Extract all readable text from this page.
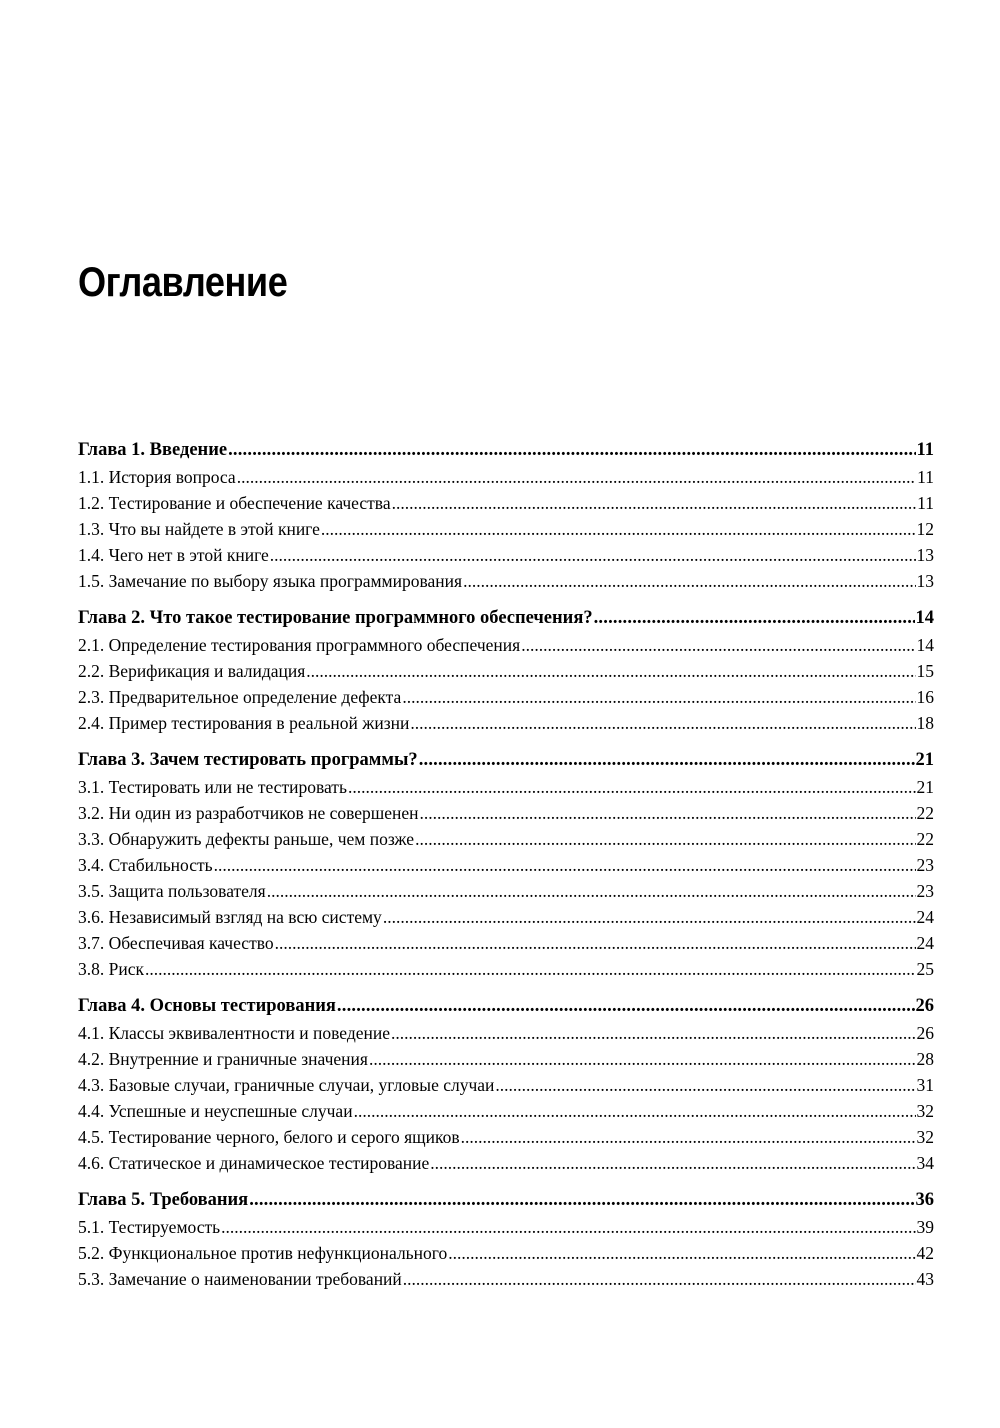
Оглавление
Глава 1. Введение .....	11
1.1. История вопроса .....	11
1.2. Тестирование и обеспечение качества .....	11
1.3. Что вы найдете в этой книге .....	12
1.4. Чего нет в этой книге .....	13
1.5. Замечание по выбору языка программирования .....	13
Глава 2. Что такое тестирование программного обеспечения? .....	14
2.1. Определение тестирования программного обеспечения .....	14
2.2. Верификация и валидация .....	15
2.3. Предварительное определение дефекта .....	16
2.4. Пример тестирования в реальной жизни .....	18
Глава 3. Зачем тестировать программы? .....	21
3.1. Тестировать или не тестировать .....	21
3.2. Ни один из разработчиков не совершенен .....	22
3.3. Обнаружить дефекты раньше, чем позже .....	22
3.4. Стабильность .....	23
3.5. Защита пользователя .....	23
3.6. Независимый взгляд на всю систему .....	24
3.7. Обеспечивая качество .....	24
3.8. Риск .....	25
Глава 4. Основы тестирования .....	26
4.1. Классы эквивалентности и поведение .....	26
4.2. Внутренние и граничные значения .....	28
4.3. Базовые случаи, граничные случаи, угловые случаи .....	31
4.4. Успешные и неуспешные случаи .....	32
4.5. Тестирование черного, белого и серого ящиков .....	32
4.6. Статическое и динамическое тестирование .....	34
Глава 5. Требования .....	36
5.1. Тестируемость .....	39
5.2. Функциональное против нефункционального .....	42
5.3. Замечание о наименовании требований .....	43
